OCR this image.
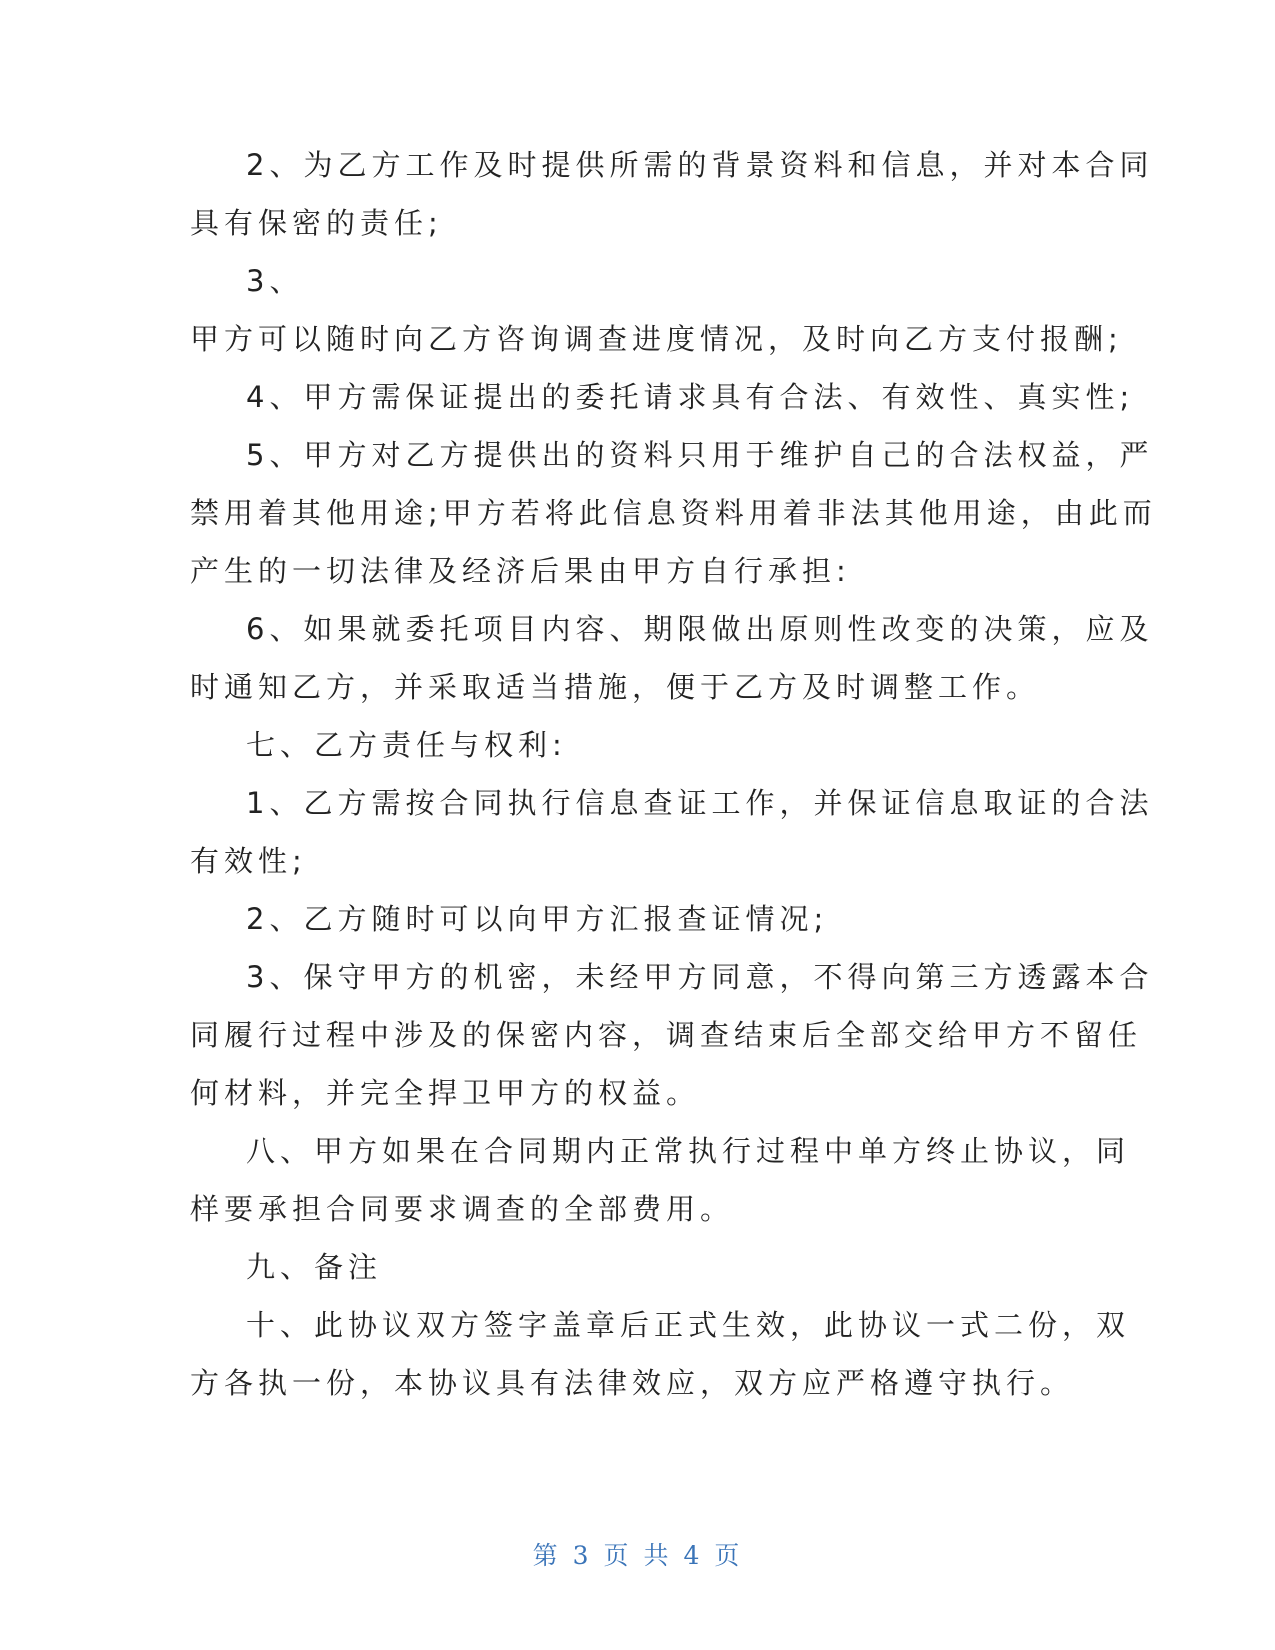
2、为乙方工作及时提供所需的背景资料和信息，并对本合同
具有保密的责任;
3、
甲方可以随时向乙方咨询调查进度情况，及时向乙方支付报酬;
4、甲方需保证提出的委托请求具有合法、有效性、真实性;
5、甲方对乙方提供出的资料只用于维护自己的合法权益，严
禁用着其他用途;甲方若将此信息资料用着非法其他用途，由此而
产生的一切法律及经济后果由甲方自行承担:
6、如果就委托项目内容、期限做出原则性改变的决策，应及
时通知乙方，并采取适当措施，便于乙方及时调整工作。
七、乙方责任与权利:
1、乙方需按合同执行信息查证工作，并保证信息取证的合法
有效性;
2、乙方随时可以向甲方汇报查证情况;
3、保守甲方的机密，未经甲方同意，不得向第三方透露本合
同履行过程中涉及的保密内容，调查结束后全部交给甲方不留任
何材料，并完全捍卫甲方的权益。
八、甲方如果在合同期内正常执行过程中单方终止协议，同
样要承担合同要求调查的全部费用。
九、备注
十、此协议双方签字盖章后正式生效，此协议一式二份，双
方各执一份，本协议具有法律效应，双方应严格遵守执行。
第 3 页 共 4 页
